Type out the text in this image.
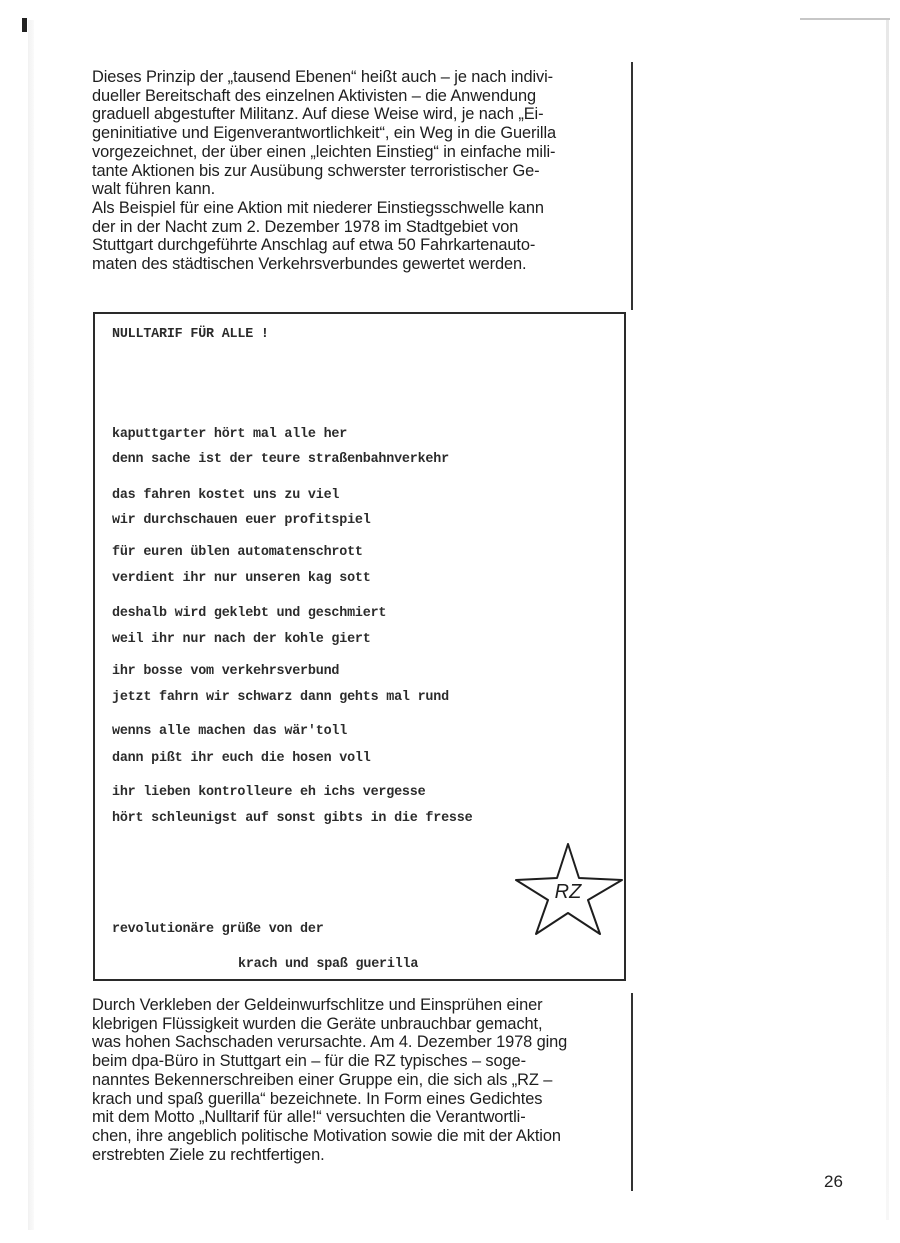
Dieses Prinzip der „tausend Ebenen“ heißt auch – je nach indivi-

dueller Bereitschaft des einzelnen Aktivisten – die Anwendung

graduell abgestufter Militanz. Auf diese Weise wird, je nach „Ei-

geninitiative und Eigenverantwortlichkeit“, ein Weg in die Guerilla

vorgezeichnet, der über einen „leichten Einstieg“ in einfache mili-

tante Aktionen bis zur Ausübung schwerster terroristischer Ge-

walt führen kann.

Als Beispiel für eine Aktion mit niederer Einstiegsschwelle kann

der in der Nacht zum 2. Dezember 1978 im Stadtgebiet von

Stuttgart durchgeführte Anschlag auf etwa 50 Fahrkartenauto-

maten des städtischen Verkehrsverbundes gewertet werden.

NULLTARIF FÜR ALLE !
kaputtgarter hört mal alle her
denn sache ist der teure straßenbahnverkehr
das fahren kostet uns zu viel
wir durchschauen euer profitspiel
für euren üblen automatenschrott
verdient ihr nur unseren kag sott
deshalb wird geklebt und geschmiert
weil ihr nur nach der kohle giert
ihr bosse vom verkehrsverbund
jetzt fahrn wir schwarz dann gehts mal rund
wenns alle machen das wär'toll
dann pißt ihr euch die hosen voll
ihr lieben kontrolleure eh ichs vergesse
hört schleunigst auf sonst gibts in die fresse
revolutionäre grüße von der
krach und spaß guerilla
RZ

Durch Verkleben der Geldeinwurfschlitze und Einsprühen einer

klebrigen Flüssigkeit wurden die Geräte unbrauchbar gemacht,

was hohen Sachschaden verursachte. Am 4. Dezember 1978 ging

beim dpa-Büro in Stuttgart ein – für die RZ typisches – soge-

nanntes Bekennerschreiben einer Gruppe ein, die sich als „RZ –

krach und spaß guerilla“ bezeichnete. In Form eines Gedichtes

mit dem Motto „Nulltarif für alle!“ versuchten die Verantwortli-

chen, ihre angeblich politische Motivation sowie die mit der Aktion

erstrebten Ziele zu rechtfertigen.

26
